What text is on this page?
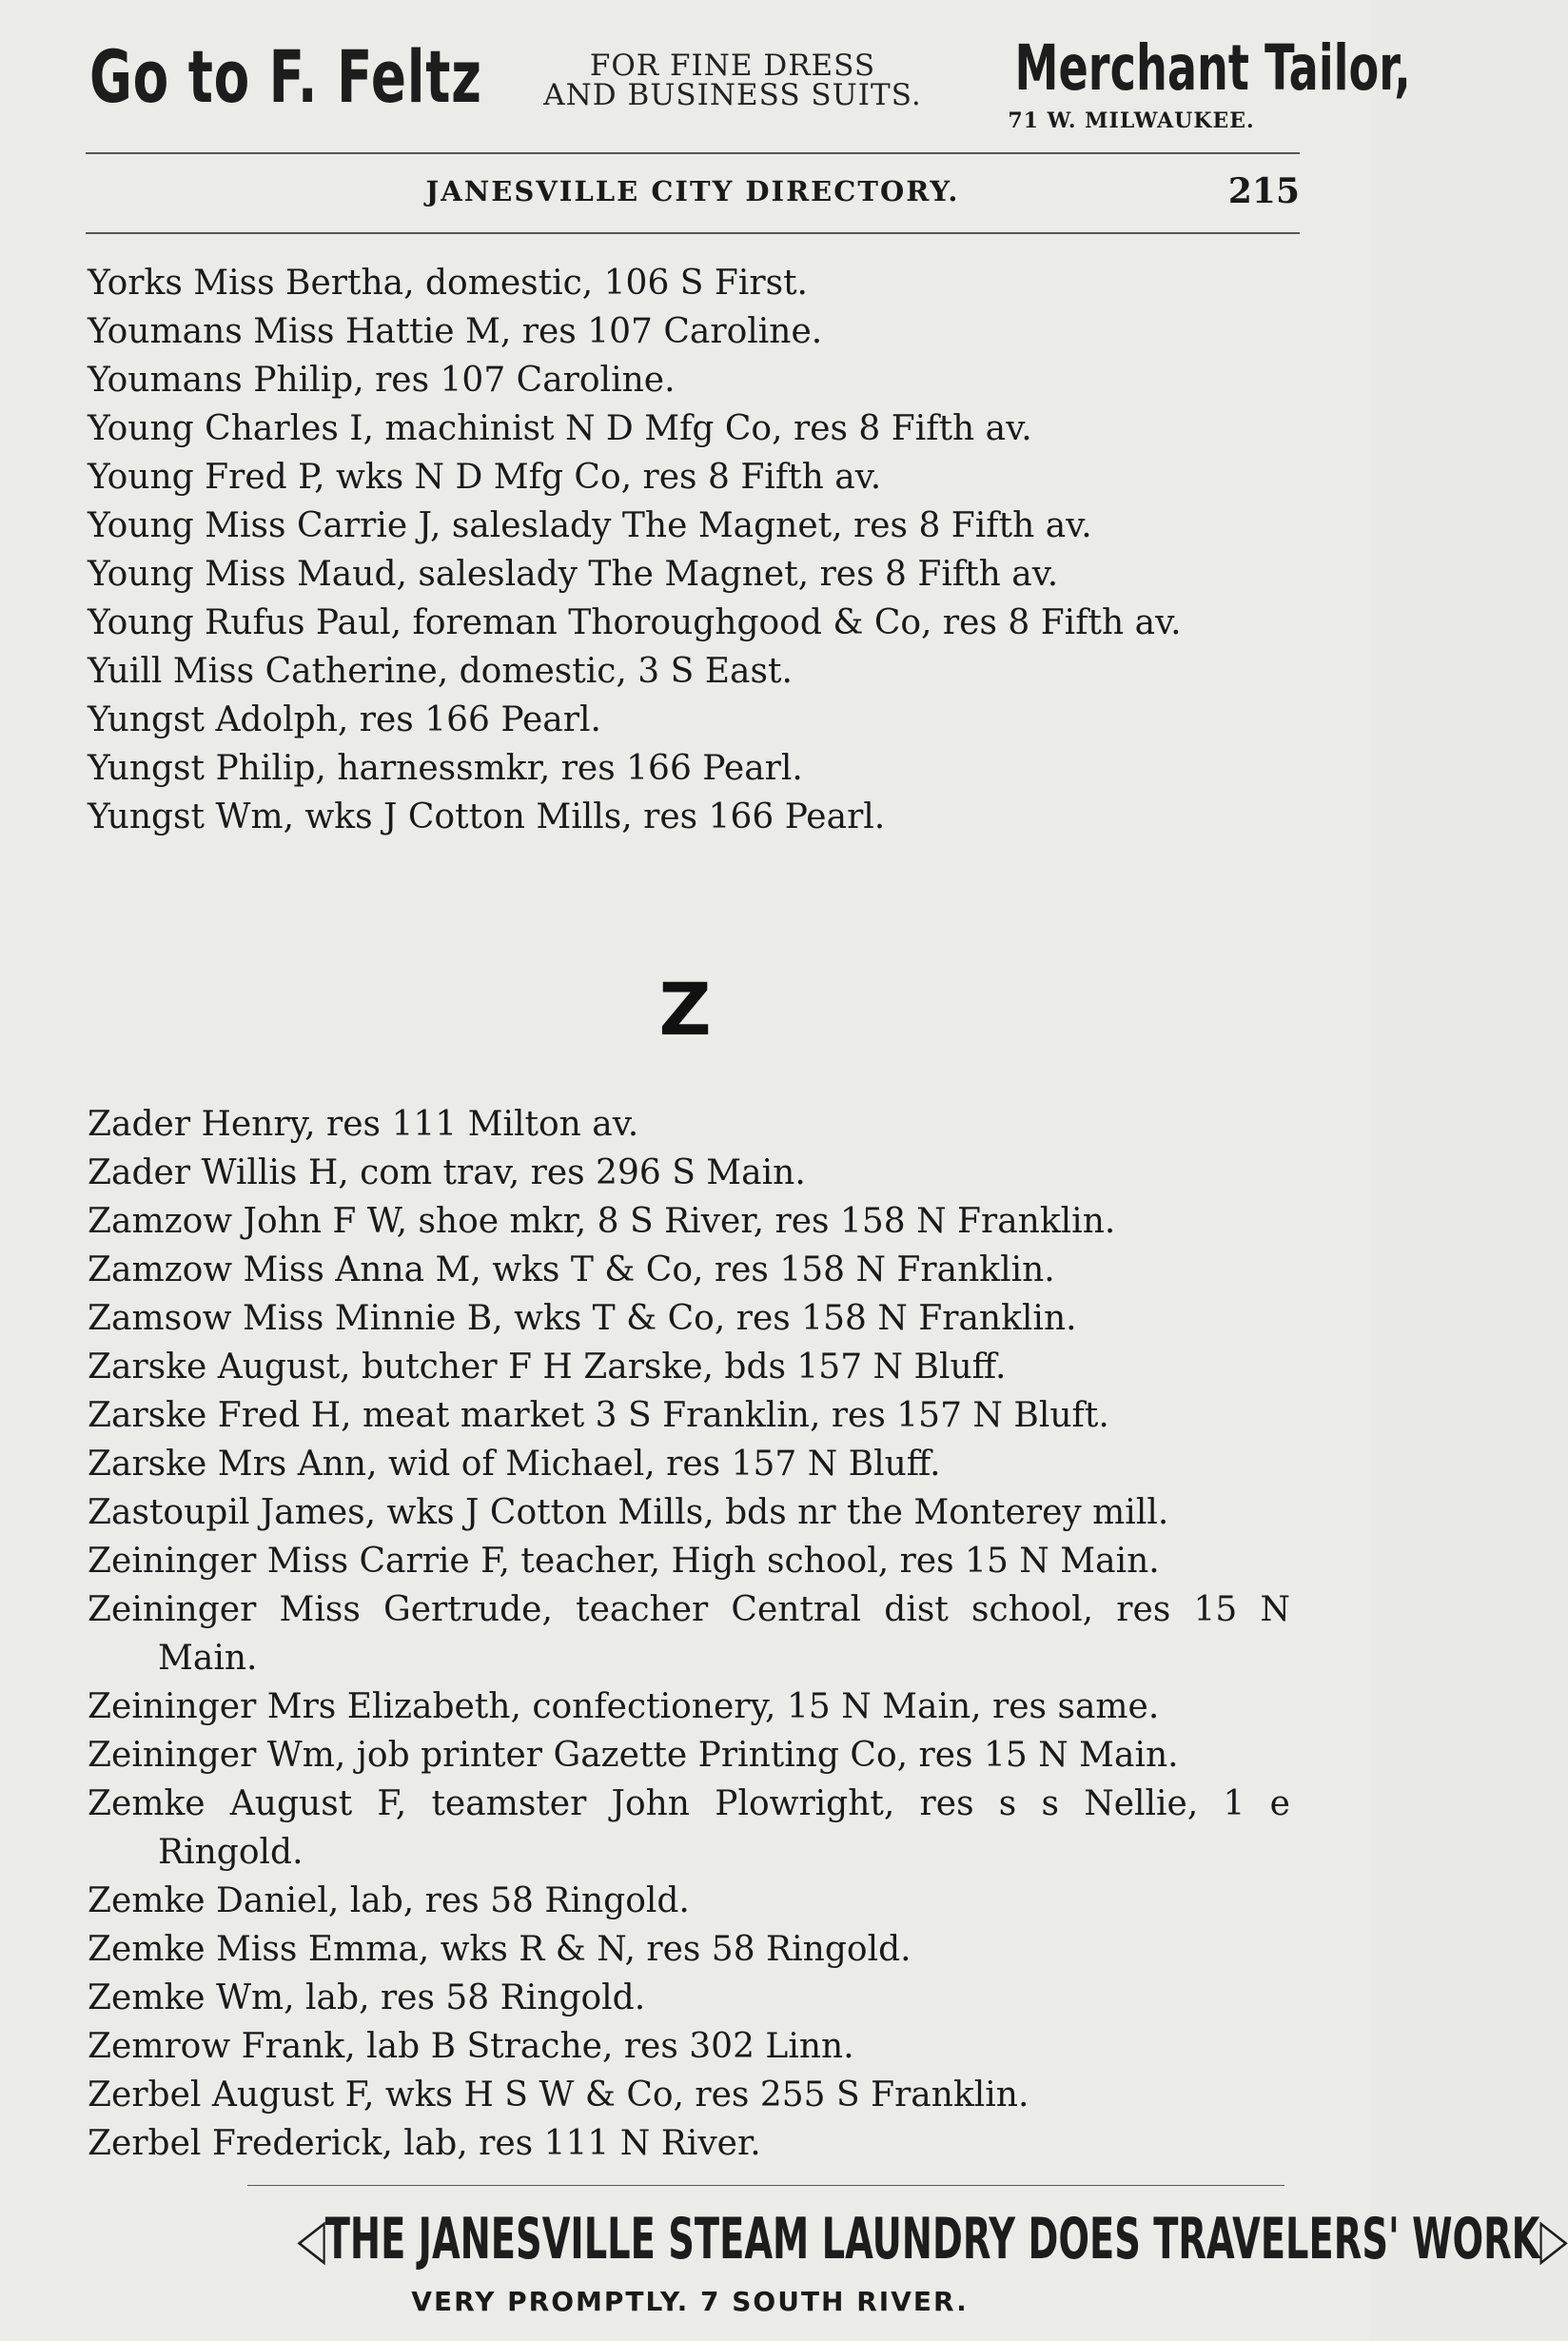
Go to F. Feltz	FOR FINE DRESS
AND BUSINESS SUITS. Merchant Tailor,
71 W. MILWAUKEE.
JANESVILLE CITY DIRECTORY.	215
Yorks Miss Bertha, domestic, 106 S First.
Youmans Miss Hattie M, res 107 Caroline.
Youmans Philip, res 107 Caroline.
Young Charles I, machinist N D Mfg Co, res 8 Fifth av.
Young Fred P, wks N D Mfg Co, res 8 Fifth av.
Young Miss Carrie J, saleslady The Magnet, res 8 Fifth av.
Young Miss Maud, saleslady The Magnet, res 8 Fifth av.
Young Rufus Paul, foreman Thoroughgood & Co, res 8 Fifth av.
Yuill Miss Catherine, domestic, 3 S East.
Yungst Adolph, res 166 Pearl.
Yungst Philip, harnessmkr, res 166 Pearl.
Yungst Wm, wks J Cotton Mills, res 166 Pearl.
Z
Zader Henry, res 111 Milton av.
Zader Willis H, com trav, res 296 S Main.
Zamzow John F W, shoe mkr, 8 S River, res 158 N Franklin.
Zamzow Miss Anna M, wks T & Co, res 158 N Franklin.
Zamsow Miss Minnie B, wks T & Co, res 158 N Franklin.
Zarske August, butcher F H Zarske, bds 157 N Bluff.
Zarske Fred H, meat market 3 S Franklin, res 157 N Bluft.
Zarske Mrs Ann, wid of Michael, res 157 N Bluff.
Zastoupil James, wks J Cotton Mills, bds nr the Monterey mill.
Zeininger Miss Carrie F, teacher, High school, res 15 N Main.
Zeininger Miss Gertrude, teacher Central dist school, res 15 N Main.
Zeininger Mrs Elizabeth, confectionery, 15 N Main, res same.
Zeininger Wm, job printer Gazette Printing Co, res 15 N Main.
Zemke August F, teamster John Plowright, res s s Nellie, 1 e Ringold.
Zemke Daniel, lab, res 58 Ringold.
Zemke Miss Emma, wks R & N, res 58 Ringold.
Zemke Wm, lab, res 58 Ringold.
Zemrow Frank, lab B Strache, res 302 Linn.
Zerbel August F, wks H S W & Co, res 255 S Franklin.
Zerbel Frederick, lab, res 111 N River.
◁THE JANESVILLE STEAM LAUNDRY DOES TRAVELERS' WORK▷
VERY PROMPTLY. 7 SOUTH RIVER.
